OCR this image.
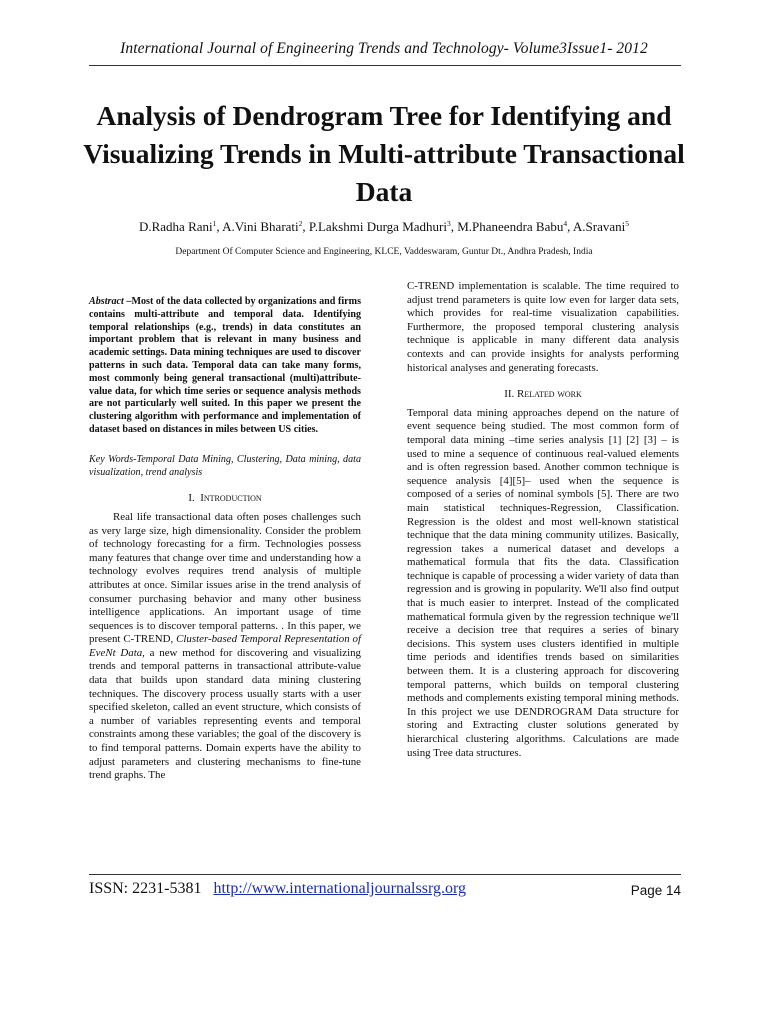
International Journal of Engineering Trends and Technology- Volume3Issue1- 2012
Analysis of Dendrogram Tree for Identifying and Visualizing Trends in Multi-attribute Transactional Data

D.Radha Rani$^1$, A.Vini Bharati$^2$, P.Lakshmi Durga Madhuri$^3$, M.Phaneendra Babu$^4$, A.Sravani$^5$

Department Of Computer Science and Engineering, KLCE, Vaddeswaram, Guntur Dt., Andhra Pradesh, India

Abstract –Most of the data collected by organizations and firms contains multi-attribute and temporal data. Identifying temporal relationships (e.g., trends) in data constitutes an important problem that is relevant in many business and academic settings. Data mining techniques are used to discover patterns in such data. Temporal data can take many forms, most commonly being general transactional (multi)attribute-value data, for which time series or sequence analysis methods are not particularly well suited. In this paper we present the clustering algorithm with performance and implementation of dataset based on distances in miles between US cities.

Key Words-Temporal Data Mining, Clustering, Data mining, data visualization, trend analysis

I. Introduction

Real life transactional data often poses challenges such as very large size, high dimensionality. Consider the problem of technology forecasting for a firm. Technologies possess many features that change over time and understanding how a technology evolves requires trend analysis of multiple attributes at once. Similar issues arise in the trend analysis of consumer purchasing behavior and many other business intelligence applications. An important usage of time sequences is to discover temporal patterns. . In this paper, we present C-TREND, Cluster-based Temporal Representation of EveNt Data, a new method for discovering and visualizing trends and temporal patterns in transactional attribute-value data that builds upon standard data mining clustering techniques. The discovery process usually starts with a user specified skeleton, called an event structure, which consists of a number of variables representing events and temporal constraints among these variables; the goal of the discovery is to find temporal patterns. Domain experts have the ability to adjust parameters and clustering mechanisms to fine-tune trend graphs. The

C-TREND implementation is scalable. The time required to adjust trend parameters is quite low even for larger data sets, which provides for real-time visualization capabilities. Furthermore, the proposed temporal clustering analysis technique is applicable in many different data analysis contexts and can provide insights for analysts performing historical analyses and generating forecasts.

II. Related work

Temporal data mining approaches depend on the nature of event sequence being studied. The most common form of temporal data mining –time series analysis [1] [2] [3] – is used to mine a sequence of continuous real-valued elements and is often regression based. Another common technique is sequence analysis [4][5]– used when the sequence is composed of a series of nominal symbols [5]. There are two main statistical techniques-Regression, Classification. Regression is the oldest and most well-known statistical technique that the data mining community utilizes. Basically, regression takes a numerical dataset and develops a mathematical formula that fits the data. Classification technique is capable of processing a wider variety of data than regression and is growing in popularity. We'll also find output that is much easier to interpret. Instead of the complicated mathematical formula given by the regression technique we'll receive a decision tree that requires a series of binary decisions. This system uses clusters identified in multiple time periods and identifies trends based on similarities between them. It is a clustering approach for discovering temporal patterns, which builds on temporal clustering methods and complements existing temporal mining methods. In this project we use DENDROGRAM Data structure for storing and Extracting cluster solutions generated by hierarchical clustering algorithms. Calculations are made using Tree data structures.

ISSN: 2231-5381 http://www.internationaljournalssrg.org	Page 14
